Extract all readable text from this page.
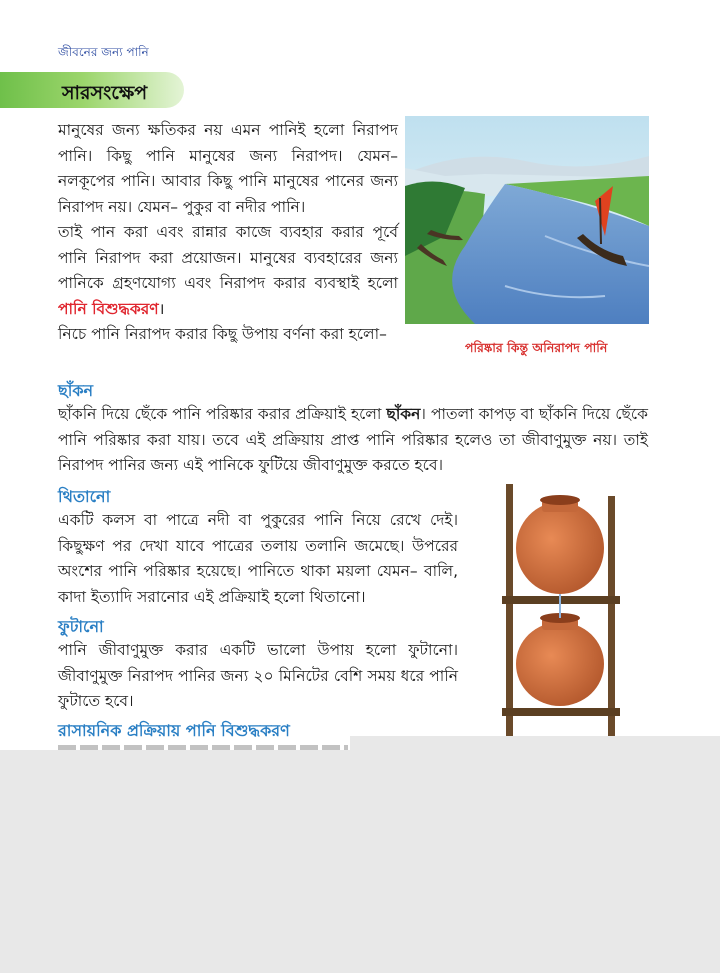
জীবনের জন্য পানি
সারসংক্ষেপ
মানুষের জন্য ক্ষতিকর নয় এমন পানিই হলো নিরাপদ পানি। কিছু পানি মানুষের জন্য নিরাপদ। যেমন– নলকূপের পানি। আবার কিছু পানি মানুষের পানের জন্য নিরাপদ নয়। যেমন– পুকুর বা নদীর পানি।
তাই পান করা এবং রান্নার কাজে ব্যবহার করার পূর্বে পানি নিরাপদ করা প্রয়োজন। মানুষের ব্যবহারের জন্য পানিকে গ্রহণযোগ্য এবং নিরাপদ করার ব্যবস্থাই হলো পানি বিশুদ্ধকরণ।
নিচে পানি নিরাপদ করার কিছু উপায় বর্ণনা করা হলো–
পরিষ্কার কিন্তু অনিরাপদ পানি
ছাঁকন
ছাঁকনি দিয়ে ছেঁকে পানি পরিষ্কার করার প্রক্রিয়াই হলো ছাঁকন। পাতলা কাপড় বা ছাঁকনি দিয়ে ছেঁকে পানি পরিষ্কার করা যায়। তবে এই প্রক্রিয়ায় প্রাপ্ত পানি পরিষ্কার হলেও তা জীবাণুমুক্ত নয়। তাই নিরাপদ পানির জন্য এই পানিকে ফুটিয়ে জীবাণুমুক্ত করতে হবে।
থিতানো
একটি কলস বা পাত্রে নদী বা পুকুরের পানি নিয়ে রেখে দেই। কিছুক্ষণ পর দেখা যাবে পাত্রের তলায় তলানি জমেছে। উপরের অংশের পানি পরিষ্কার হয়েছে। পানিতে থাকা ময়লা যেমন– বালি, কাদা ইত্যাদি সরানোর এই প্রক্রিয়াই হলো থিতানো।
ফুটানো
পানি জীবাণুমুক্ত করার একটি ভালো উপায় হলো ফুটানো। জীবাণুমুক্ত নিরাপদ পানির জন্য ২০ মিনিটের বেশি সময় ধরে পানি ফুটাতে হবে।
রাসায়নিক প্রক্রিয়ায় পানি বিশুদ্ধকরণ
